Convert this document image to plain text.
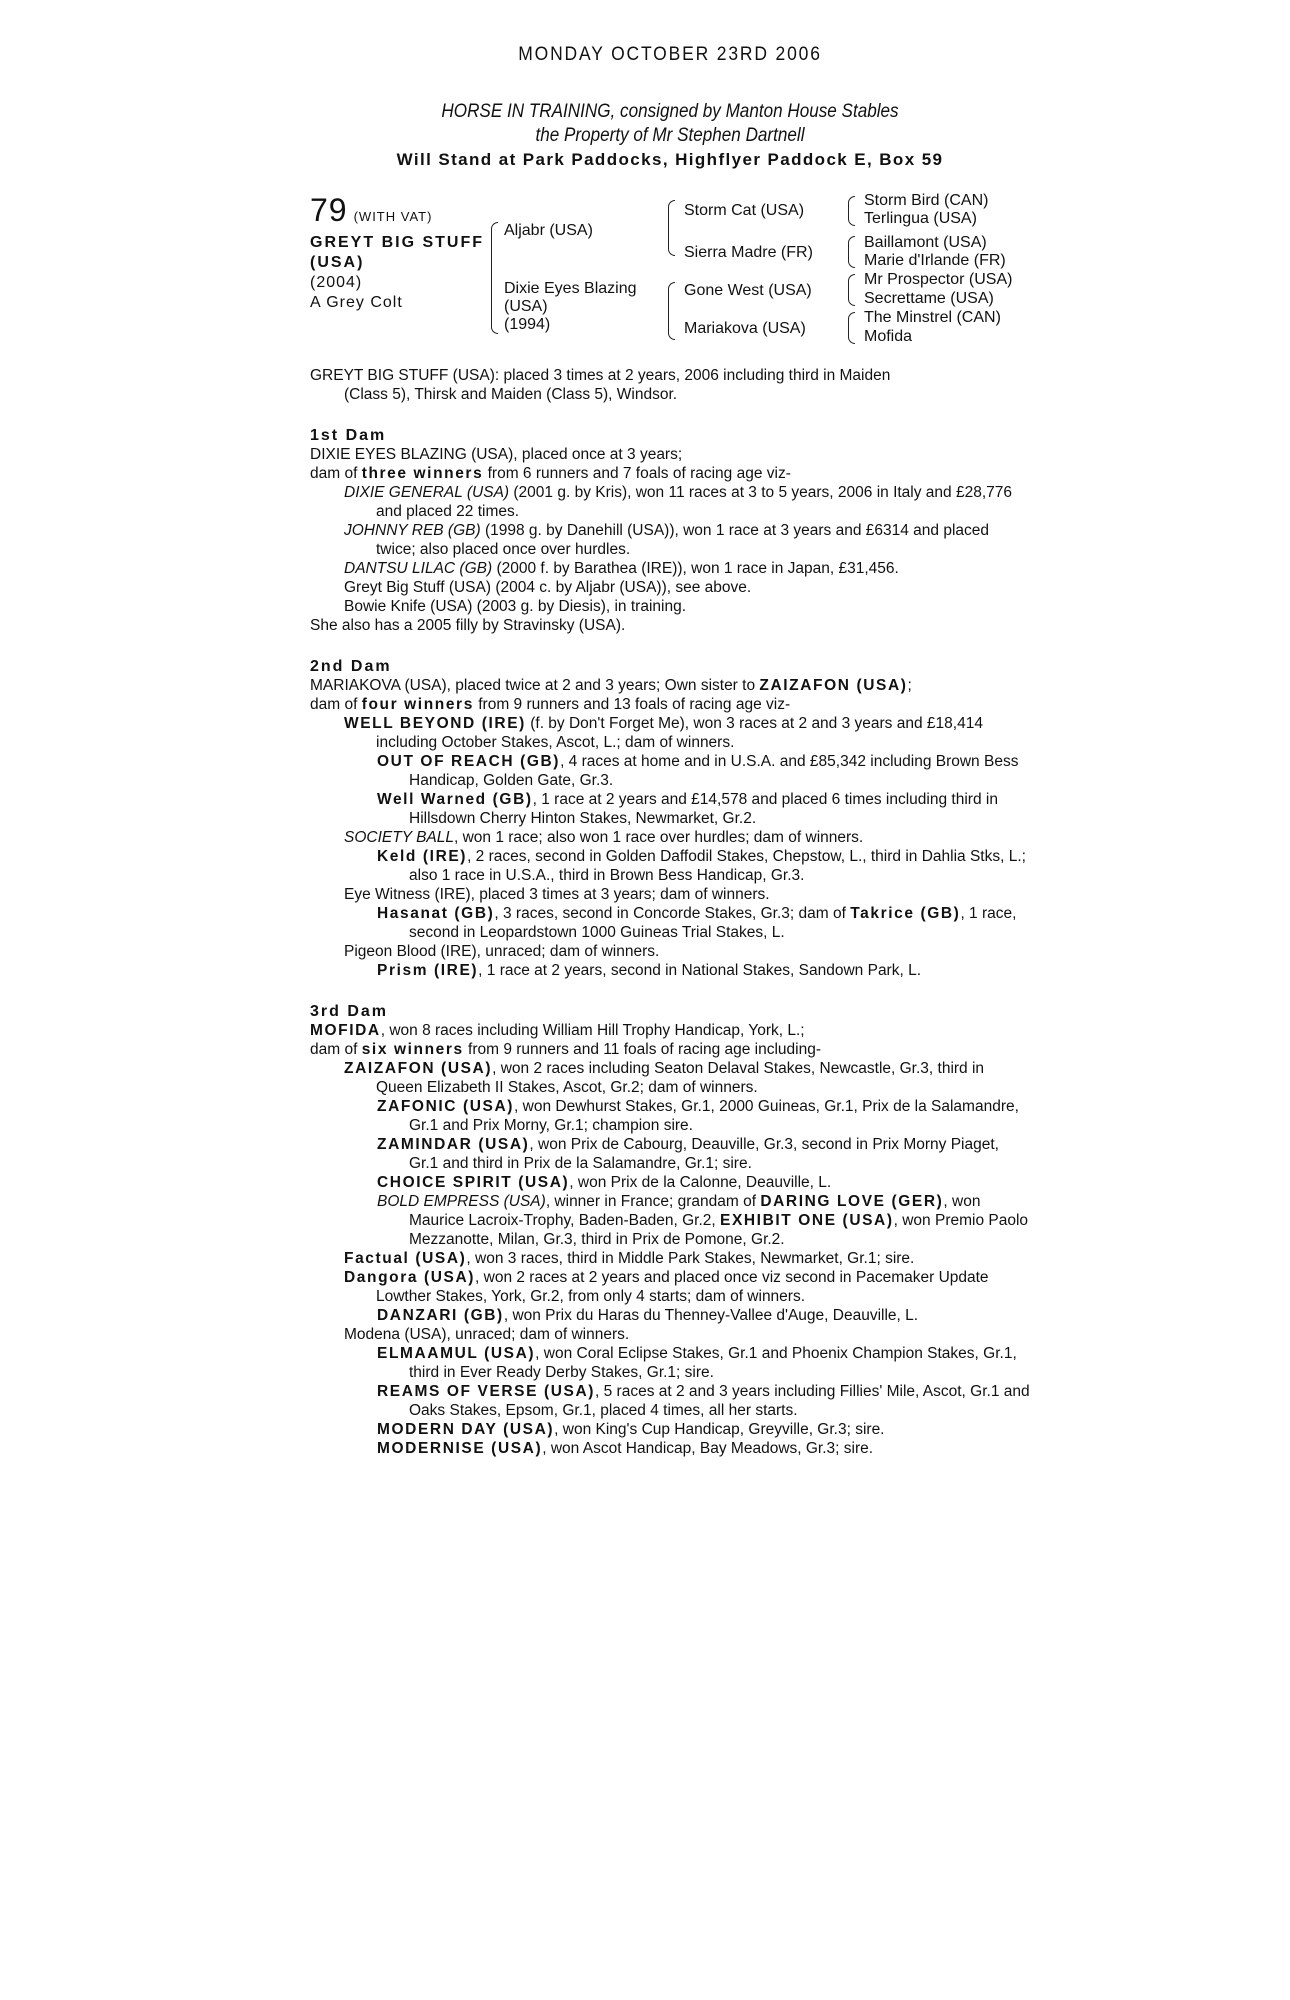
MONDAY OCTOBER 23RD 2006
HORSE IN TRAINING, consigned by Manton House Stables
the Property of Mr Stephen Dartnell
Will Stand at Park Paddocks, Highflyer Paddock E, Box 59
79 (WITH VAT)
GREYT BIG STUFF
(USA)
(2004)
A Grey Colt
Aljabr (USA)
Dixie Eyes Blazing
(USA)
(1994)
Storm Cat (USA)
Sierra Madre (FR)
Gone West (USA)
Mariakova (USA)
Storm Bird (CAN)
Terlingua (USA)
Baillamont (USA)
Marie d'Irlande (FR)
Mr Prospector (USA)
Secrettame (USA)
The Minstrel (CAN)
Mofida

GREYT BIG STUFF (USA): placed 3 times at 2 years, 2006 including third in Maiden

(Class 5), Thirsk and Maiden (Class 5), Windsor.

1st Dam

DIXIE EYES BLAZING (USA), placed once at 3 years;

dam of three winners from 6 runners and 7 foals of racing age viz-

DIXIE GENERAL (USA) (2001 g. by Kris), won 11 races at 3 to 5 years, 2006 in Italy and £28,776 and placed 22 times.

JOHNNY REB (GB) (1998 g. by Danehill (USA)), won 1 race at 3 years and £6314 and placed twice; also placed once over hurdles.

DANTSU LILAC (GB) (2000 f. by Barathea (IRE)), won 1 race in Japan, £31,456.

Greyt Big Stuff (USA) (2004 c. by Aljabr (USA)), see above.

Bowie Knife (USA) (2003 g. by Diesis), in training.

She also has a 2005 filly by Stravinsky (USA).

2nd Dam

MARIAKOVA (USA), placed twice at 2 and 3 years; Own sister to ZAIZAFON (USA);

dam of four winners from 9 runners and 13 foals of racing age viz-

WELL BEYOND (IRE) (f. by Don't Forget Me), won 3 races at 2 and 3 years and £18,414 including October Stakes, Ascot, L.; dam of winners.

OUT OF REACH (GB), 4 races at home and in U.S.A. and £85,342 including Brown Bess Handicap, Golden Gate, Gr.3.

Well Warned (GB), 1 race at 2 years and £14,578 and placed 6 times including third in Hillsdown Cherry Hinton Stakes, Newmarket, Gr.2.

SOCIETY BALL, won 1 race; also won 1 race over hurdles; dam of winners.

Keld (IRE), 2 races, second in Golden Daffodil Stakes, Chepstow, L., third in Dahlia Stks, L.; also 1 race in U.S.A., third in Brown Bess Handicap, Gr.3.

Eye Witness (IRE), placed 3 times at 3 years; dam of winners.

Hasanat (GB), 3 races, second in Concorde Stakes, Gr.3; dam of Takrice (GB), 1 race, second in Leopardstown 1000 Guineas Trial Stakes, L.

Pigeon Blood (IRE), unraced; dam of winners.

Prism (IRE), 1 race at 2 years, second in National Stakes, Sandown Park, L.

3rd Dam

MOFIDA, won 8 races including William Hill Trophy Handicap, York, L.;

dam of six winners from 9 runners and 11 foals of racing age including-

ZAIZAFON (USA), won 2 races including Seaton Delaval Stakes, Newcastle, Gr.3, third in Queen Elizabeth II Stakes, Ascot, Gr.2; dam of winners.

ZAFONIC (USA), won Dewhurst Stakes, Gr.1, 2000 Guineas, Gr.1, Prix de la Salamandre, Gr.1 and Prix Morny, Gr.1; champion sire.

ZAMINDAR (USA), won Prix de Cabourg, Deauville, Gr.3, second in Prix Morny Piaget, Gr.1 and third in Prix de la Salamandre, Gr.1; sire.

CHOICE SPIRIT (USA), won Prix de la Calonne, Deauville, L.

BOLD EMPRESS (USA), winner in France; grandam of DARING LOVE (GER), won Maurice Lacroix-Trophy, Baden-Baden, Gr.2, EXHIBIT ONE (USA), won Premio Paolo Mezzanotte, Milan, Gr.3, third in Prix de Pomone, Gr.2.

Factual (USA), won 3 races, third in Middle Park Stakes, Newmarket, Gr.1; sire.

Dangora (USA), won 2 races at 2 years and placed once viz second in Pacemaker Update Lowther Stakes, York, Gr.2, from only 4 starts; dam of winners.

DANZARI (GB), won Prix du Haras du Thenney-Vallee d'Auge, Deauville, L.

Modena (USA), unraced; dam of winners.

ELMAAMUL (USA), won Coral Eclipse Stakes, Gr.1 and Phoenix Champion Stakes, Gr.1, third in Ever Ready Derby Stakes, Gr.1; sire.

REAMS OF VERSE (USA), 5 races at 2 and 3 years including Fillies' Mile, Ascot, Gr.1 and Oaks Stakes, Epsom, Gr.1, placed 4 times, all her starts.

MODERN DAY (USA), won King's Cup Handicap, Greyville, Gr.3; sire.

MODERNISE (USA), won Ascot Handicap, Bay Meadows, Gr.3; sire.
